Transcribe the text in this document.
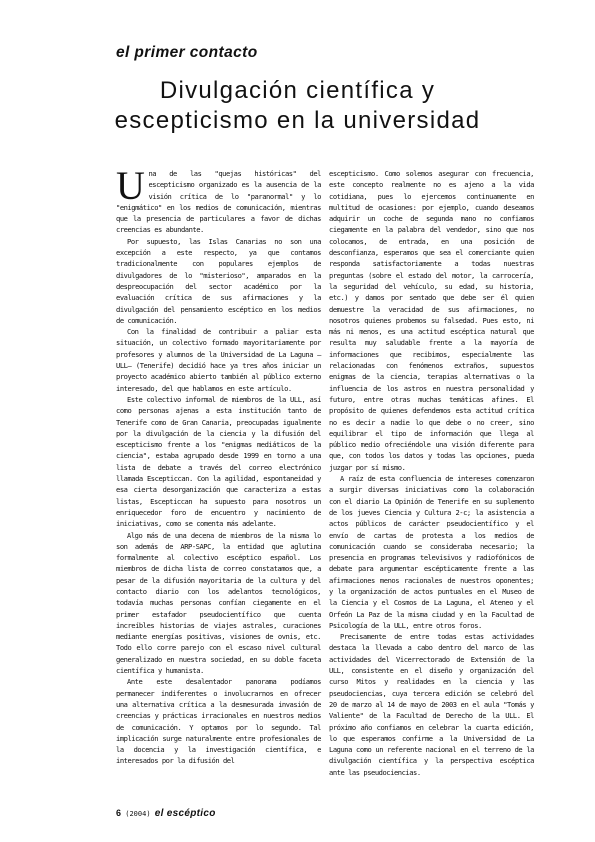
el primer contacto
Divulgación científica y
escepticismo en la universidad

Una de las "quejas históricas" del escepticismo organizado es la ausencia de la visión crítica de lo "paranormal" y lo "enigmático" en los medios de comunicación, mientras que la presencia de particulares a favor de dichas creencias es abundante.

Por supuesto, las Islas Canarias no son una excepción a este respecto, ya que contamos tradicionalmente con populares ejemplos de divulgadores de lo "misterioso", amparados en la despreocupación del sector académico por la evaluación crítica de sus afirmaciones y la divulgación del pensamiento escéptico en los medios de comunicación.

Con la finalidad de contribuir a paliar esta situación, un colectivo formado mayoritariamente por profesores y alumnos de la Universidad de La Laguna —ULL— (Tenerife) decidió hace ya tres años iniciar un proyecto académico abierto también al público externo interesado, del que hablamos en este artículo.

Este colectivo informal de miembros de la ULL, así como personas ajenas a esta institución tanto de Tenerife como de Gran Canaria, preocupadas igualmente por la divulgación de la ciencia y la difusión del escepticismo frente a los "enigmas mediáticos de la ciencia", estaba agrupado desde 1999 en torno a una lista de debate a través del correo electrónico llamada Escepticcan. Con la agilidad, espontaneidad y esa cierta desorganización que caracteriza a estas listas, Escepticcan ha supuesto para nosotros un enriquecedor foro de encuentro y nacimiento de iniciativas, como se comenta más adelante.

Algo más de una decena de miembros de la misma lo son además de ARP-SAPC, la entidad que aglutina formalmente al colectivo escéptico español. Los miembros de dicha lista de correo constatamos que, a pesar de la difusión mayoritaria de la cultura y del contacto diario con los adelantos tecnológicos, todavía muchas personas confían ciegamente en el primer estafador pseudocientífico que cuenta increíbles historias de viajes astrales, curaciones mediante energías positivas, visiones de ovnis, etc. Todo ello corre parejo con el escaso nivel cultural generalizado en nuestra sociedad, en su doble faceta científica y humanista.

Ante este desalentador panorama podíamos permanecer indiferentes o involucrarnos en ofrecer una alternativa crítica a la desmesurada invasión de creencias y prácticas irracionales en nuestros medios de comunicación. Y optamos por lo segundo. Tal implicación surge naturalmente entre profesionales de la docencia y la investigación científica, e interesados por la difusión del

escepticismo. Como solemos asegurar con frecuencia, este concepto realmente no es ajeno a la vida cotidiana, pues lo ejercemos continuamente en multitud de ocasiones: por ejemplo, cuando deseamos adquirir un coche de segunda mano no confiamos ciegamente en la palabra del vendedor, sino que nos colocamos, de entrada, en una posición de desconfianza, esperamos que sea el comerciante quien responda satisfactoriamente a todas nuestras preguntas (sobre el estado del motor, la carrocería, la seguridad del vehículo, su edad, su historia, etc.) y damos por sentado que debe ser él quien demuestre la veracidad de sus afirmaciones, no nosotros quienes probemos su falsedad. Pues esto, ni más ni menos, es una actitud escéptica natural que resulta muy saludable frente a la mayoría de informaciones que recibimos, especialmente las relacionadas con fenómenos extraños, supuestos enigmas de la ciencia, terapias alternativas o la influencia de los astros en nuestra personalidad y futuro, entre otras muchas temáticas afines. El propósito de quienes defendemos esta actitud crítica no es decir a nadie lo que debe o no creer, sino equilibrar el tipo de información que llega al público medio ofreciéndole una visión diferente para que, con todos los datos y todas las opciones, pueda juzgar por sí mismo.

A raíz de esta confluencia de intereses comenzaron a surgir diversas iniciativas como la colaboración con el diario La Opinión de Tenerife en su suplemento de los jueves Ciencia y Cultura 2-c; la asistencia a actos públicos de carácter pseudocientífico y el envío de cartas de protesta a los medios de comunicación cuando se consideraba necesario; la presencia en programas televisivos y radiofónicos de debate para argumentar escépticamente frente a las afirmaciones menos racionales de nuestros oponentes; y la organización de actos puntuales en el Museo de la Ciencia y el Cosmos de La Laguna, el Ateneo y el Orfeón La Paz de la misma ciudad y en la Facultad de Psicología de la ULL, entre otros foros.

Precisamente de entre todas estas actividades destaca la llevada a cabo dentro del marco de las actividades del Vicerrectorado de Extensión de la ULL, consistente en el diseño y organización del curso Mitos y realidades en la ciencia y las pseudociencias, cuya tercera edición se celebró del 20 de marzo al 14 de mayo de 2003 en el aula "Tomás y Valiente" de la Facultad de Derecho de la ULL. El próximo año confiamos en celebrar la cuarta edición, lo que esperamos confirme a la Universidad de La Laguna como un referente nacional en el terreno de la divulgación científica y la perspectiva escéptica ante las pseudociencias.

6 (2004) el escéptico
